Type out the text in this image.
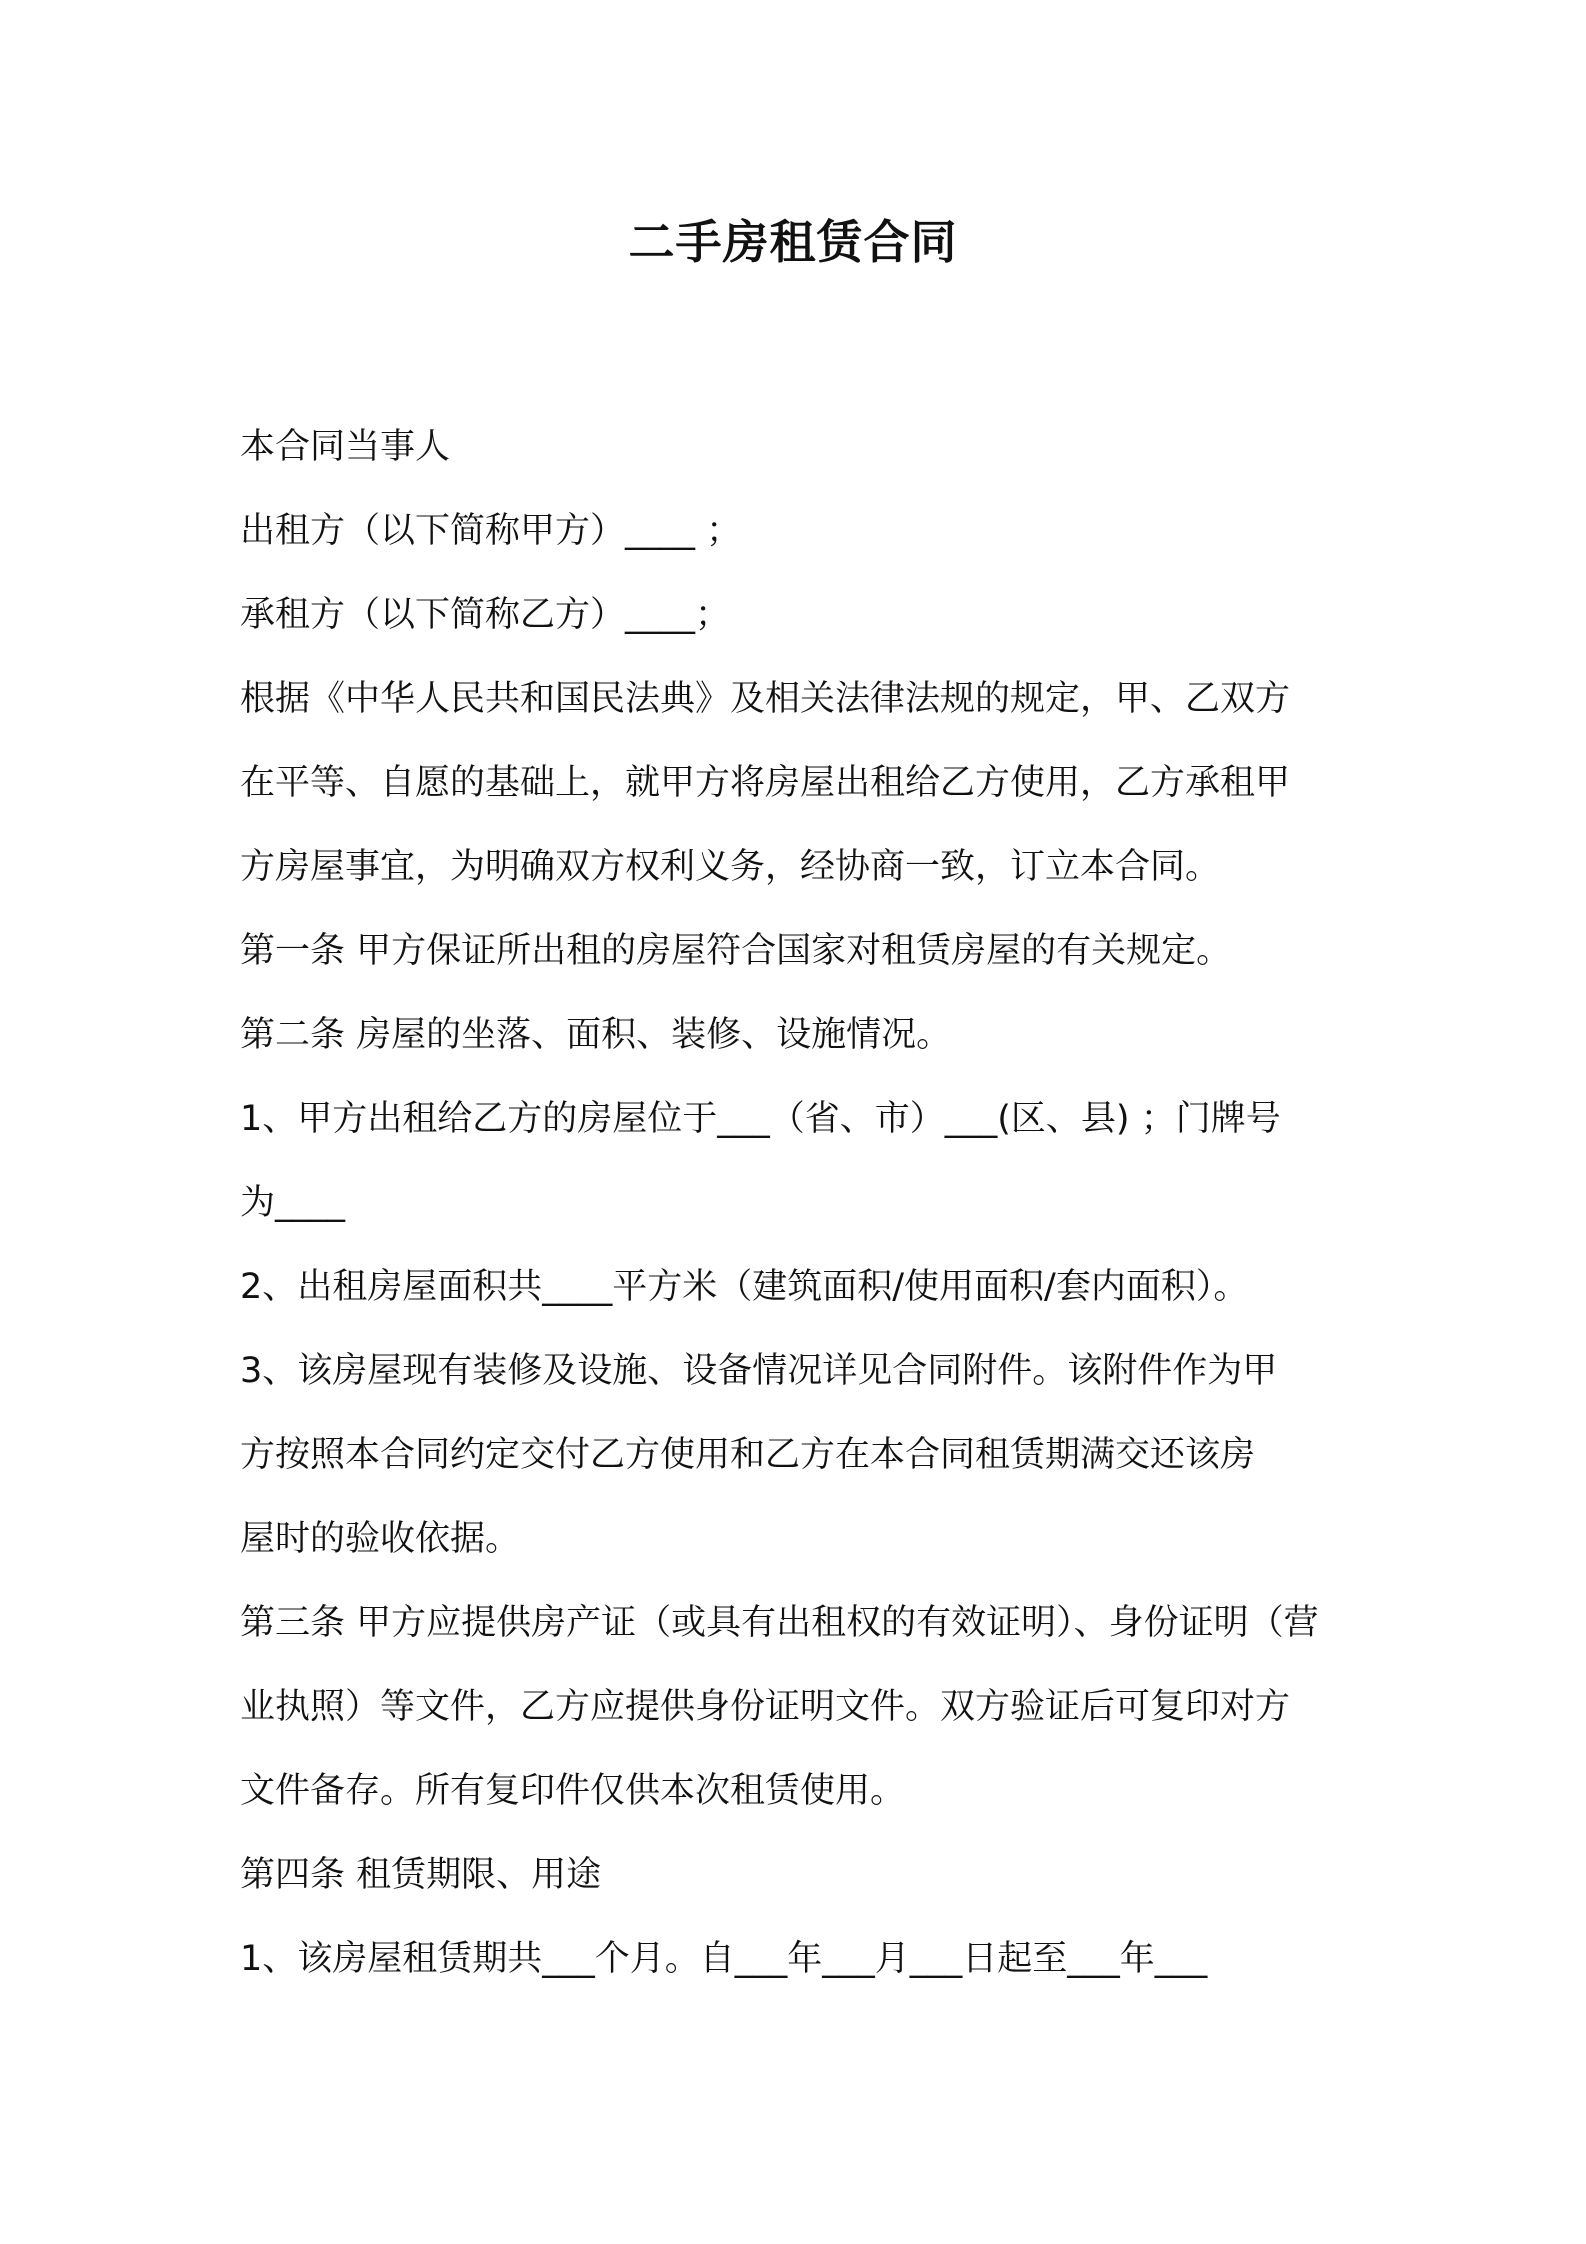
二手房租赁合同

本合同当事人

出租方（以下简称甲方）____ ；

承租方（以下简称乙方）____；

根据《中华人民共和国民法典》及相关法律法规的规定，甲、乙双方

在平等、自愿的基础上，就甲方将房屋出租给乙方使用，乙方承租甲

方房屋事宜，为明确双方权利义务，经协商一致，订立本合同。

第一条 甲方保证所出租的房屋符合国家对租赁房屋的有关规定。

第二条 房屋的坐落、面积、装修、设施情况。

1、甲方出租给乙方的房屋位于___（省、市）___(区、县) ；门牌号

为____

2、出租房屋面积共____平方米（建筑面积/使用面积/套内面积）。

3、该房屋现有装修及设施、设备情况详见合同附件。该附件作为甲

方按照本合同约定交付乙方使用和乙方在本合同租赁期满交还该房

屋时的验收依据。

第三条 甲方应提供房产证（或具有出租权的有效证明）、身份证明（营

业执照）等文件，乙方应提供身份证明文件。双方验证后可复印对方

文件备存。所有复印件仅供本次租赁使用。

第四条 租赁期限、用途

1、该房屋租赁期共___个月。自___年___月___日起至___年___
